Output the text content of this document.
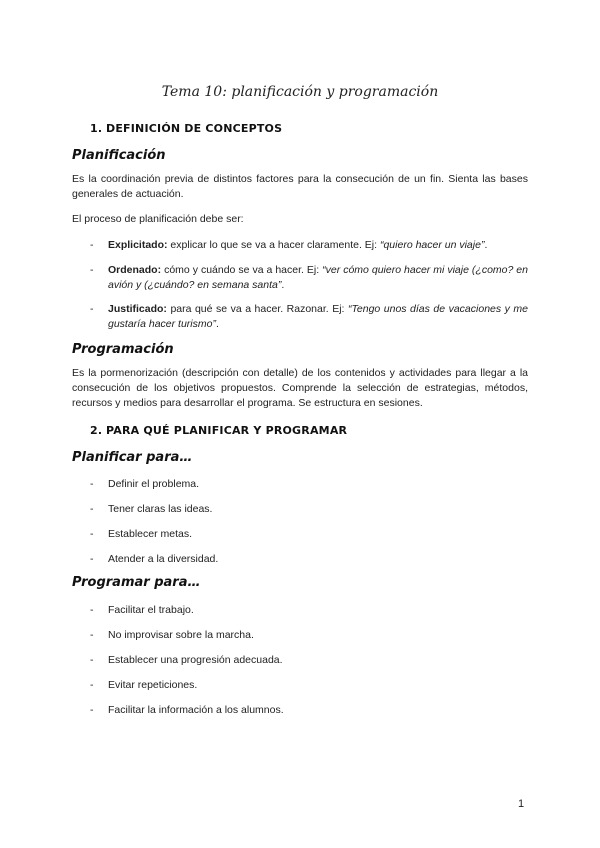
Tema 10: planificación y programación
1. DEFINICIÓN DE CONCEPTOS
Planificación
Es la coordinación previa de distintos factores para la consecución de un fin. Sienta las bases generales de actuación.
El proceso de planificación debe ser:
-	Explicitado: explicar lo que se va a hacer claramente. Ej: “quiero hacer un viaje”.
-	Ordenado: cómo y cuándo se va a hacer. Ej: “ver cómo quiero hacer mi viaje (¿como? en avión y (¿cuándo? en semana santa”.
-	Justificado: para qué se va a hacer. Razonar. Ej: “Tengo unos días de vacaciones y me gustaría hacer turismo”.
Programación
Es la pormenorización (descripción con detalle) de los contenidos y actividades para llegar a la consecución de los objetivos propuestos. Comprende la selección de estrategias, métodos, recursos y medios para desarrollar el programa. Se estructura en sesiones.
2. PARA QUÉ PLANIFICAR Y PROGRAMAR
Planificar para…
-	Definir el problema.
-	Tener claras las ideas.
-	Establecer metas.
-	Atender a la diversidad.
Programar para…
-	Facilitar el trabajo.
-	No improvisar sobre la marcha.
-	Establecer una progresión adecuada.
-	Evitar repeticiones.
-	Facilitar la información a los alumnos.
1
